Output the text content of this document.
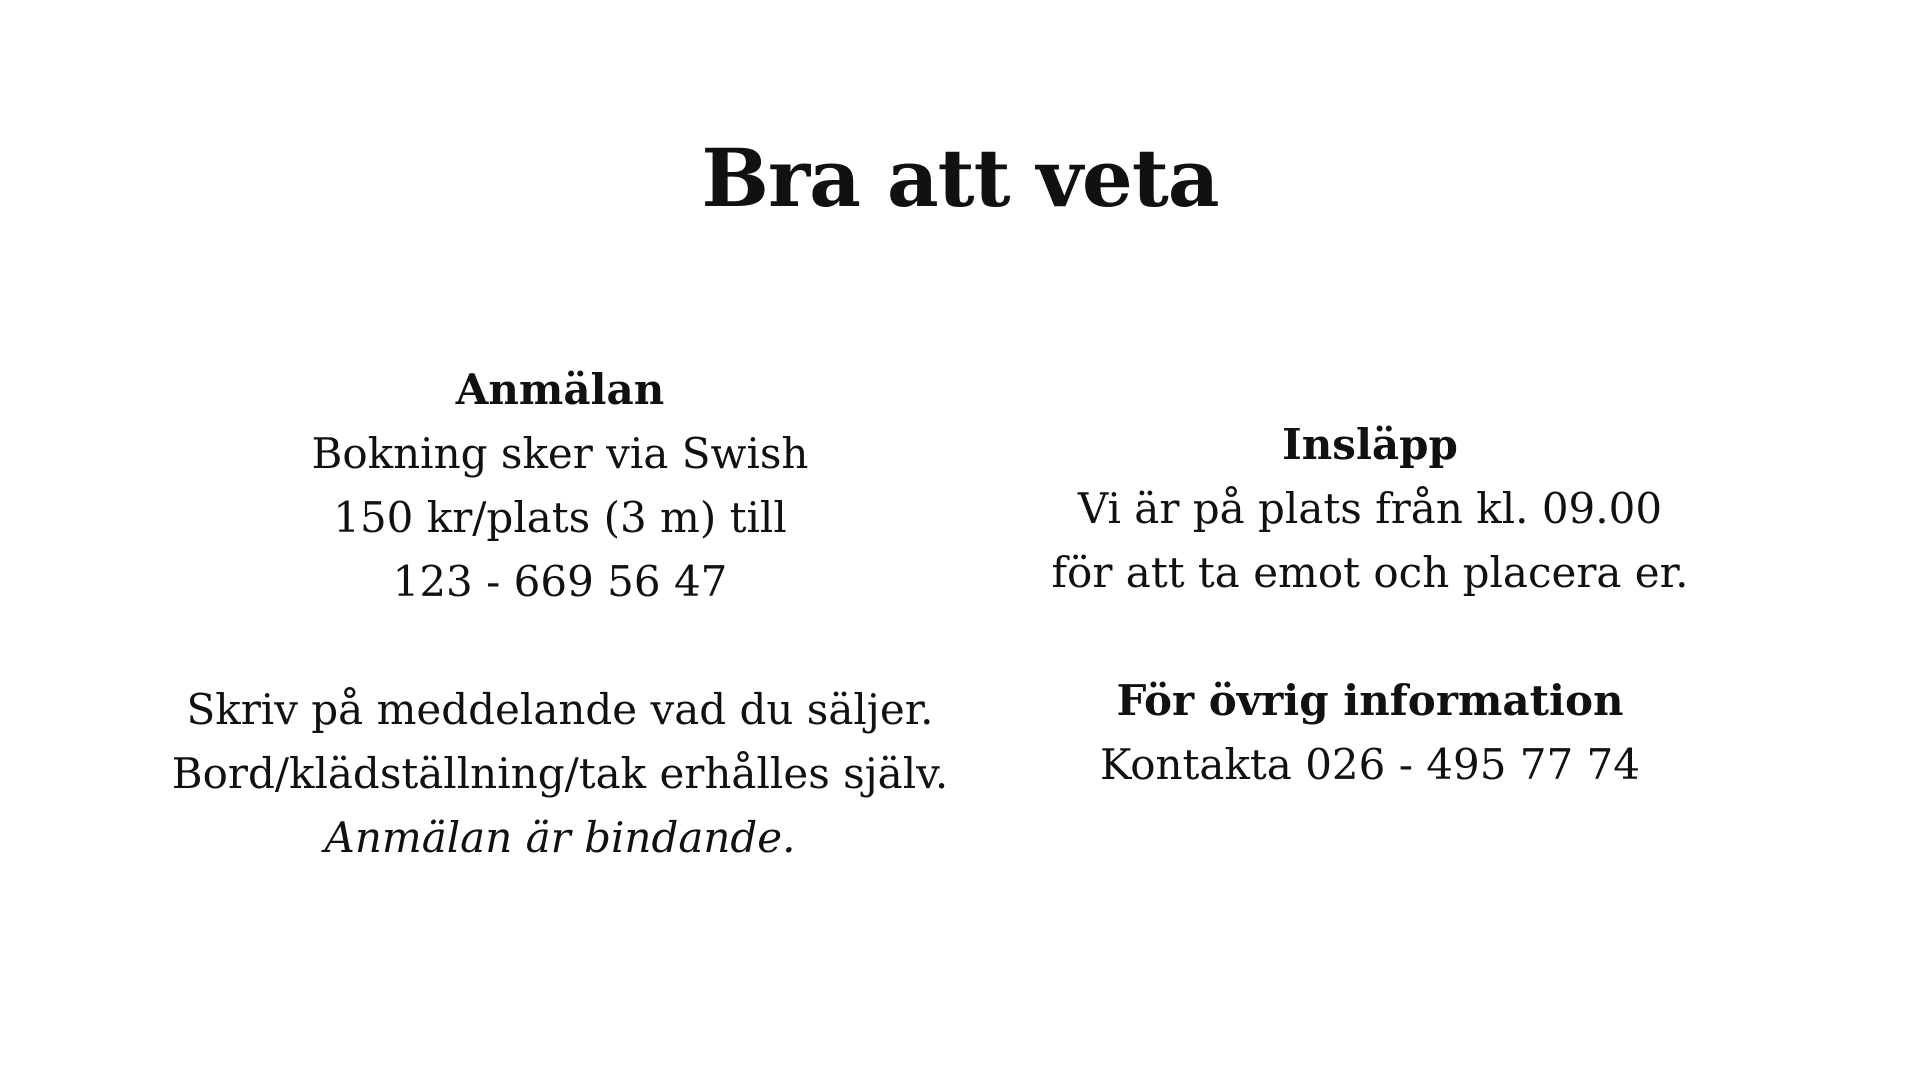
Bra att veta
Anmälan
Bokning sker via Swish
150 kr/plats (3 m) till
123 - 669 56 47
Skriv på meddelande vad du säljer.
Bord/klädställning/tak erhålles själv.
Anmälan är bindande.
Insläpp
Vi är på plats från kl. 09.00
för att ta emot och placera er.
För övrig information
Kontakta 026 - 495 77 74
